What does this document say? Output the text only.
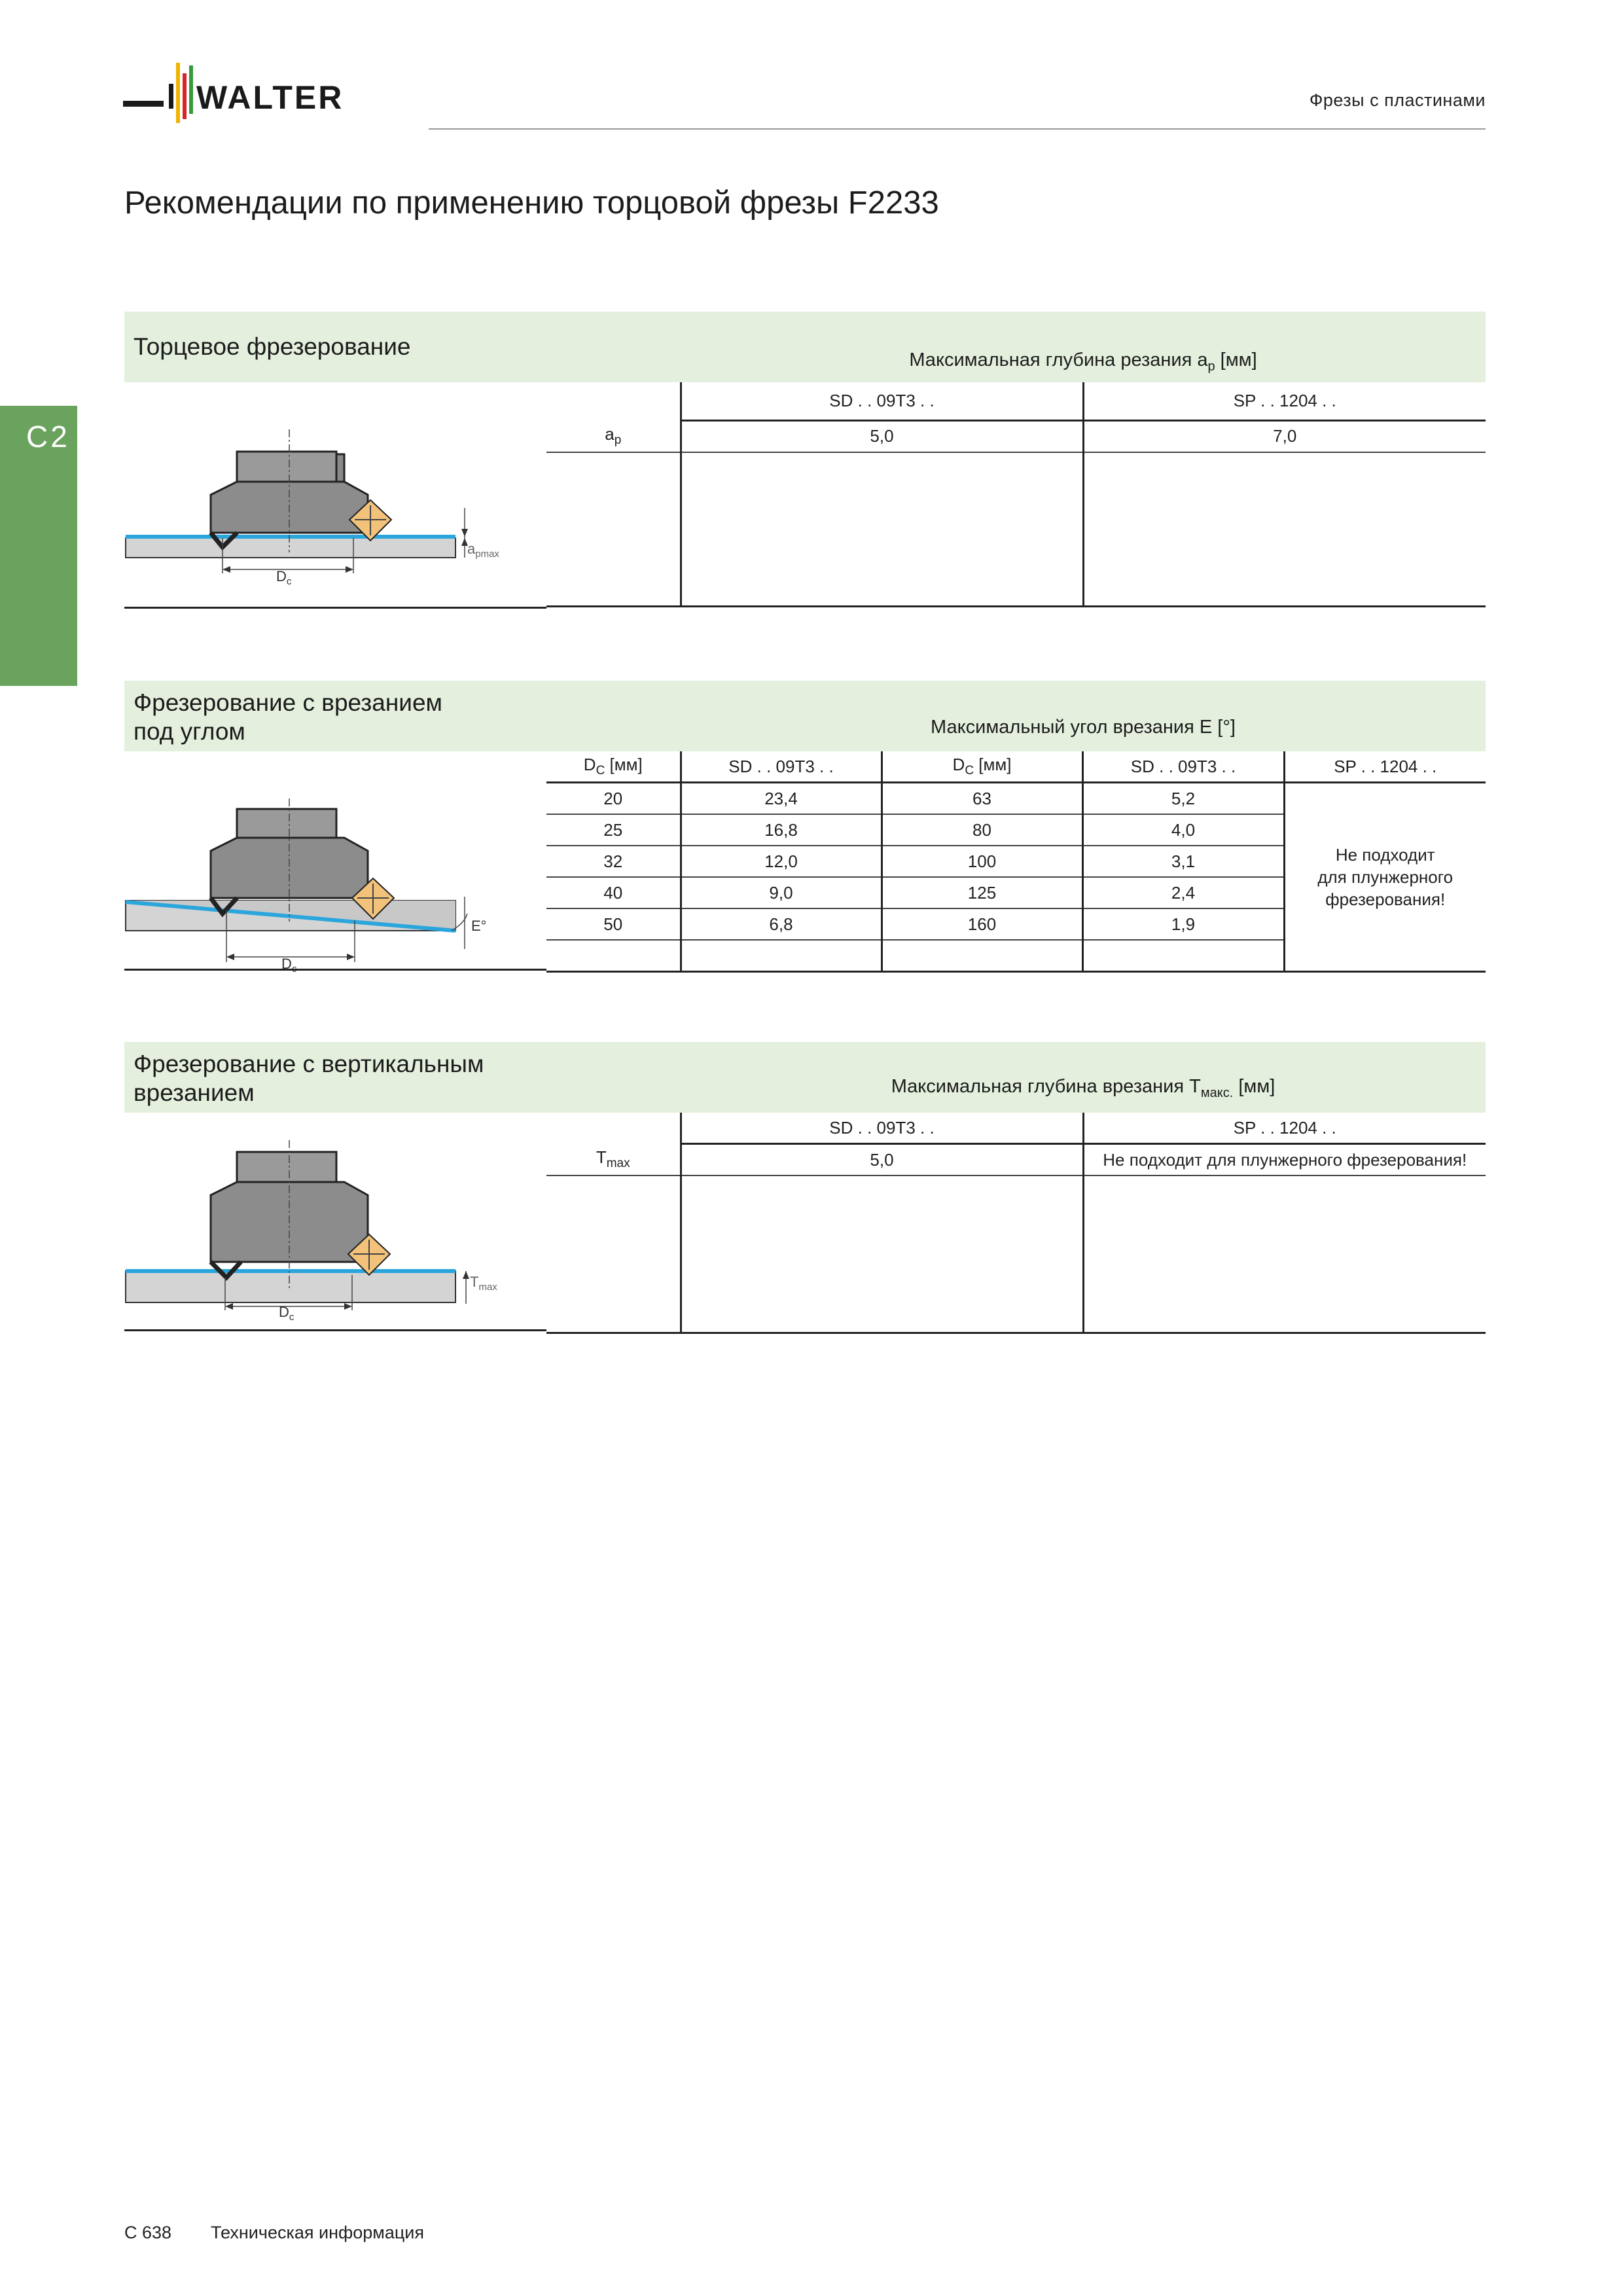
WALTER	Фрезы с пластинами
Рекомендации по применению торцовой фрезы F2233
C2
Торцевое фрезерование	Максимальная глубина резания $a_p$ [мм]
$D_c$
$a_{pmax}$
	SD . . 09T3 . .	SP . . 1204 . .
$a_p$	5,0	7,0

Фрезерование с врезанием
под углом	Максимальный угол врезания E [°]
$D_c$
E°
$D_C$ [мм]	SD . . 09T3 . .	$D_C$ [мм]	SD . . 09T3 . .	SP . . 1204 . .
20	23,4	63	5,2	Не подходит
для плунжерного
фрезерования!
25	16,8	80	4,0	
32	12,0	100	3,1	
40	9,0	125	2,4	
50	6,8	160	1,9	

Фрезерование с вертикальным
врезанием	Максимальная глубина врезания $T_{макс.}$ [мм]
$D_c$
$T_{max}$
	SD . . 09T3 . .	SP . . 1204 . .
$T_{max}$	5,0	Не подходит для плунжерного фрезерования!

C 638 Техническая информация
